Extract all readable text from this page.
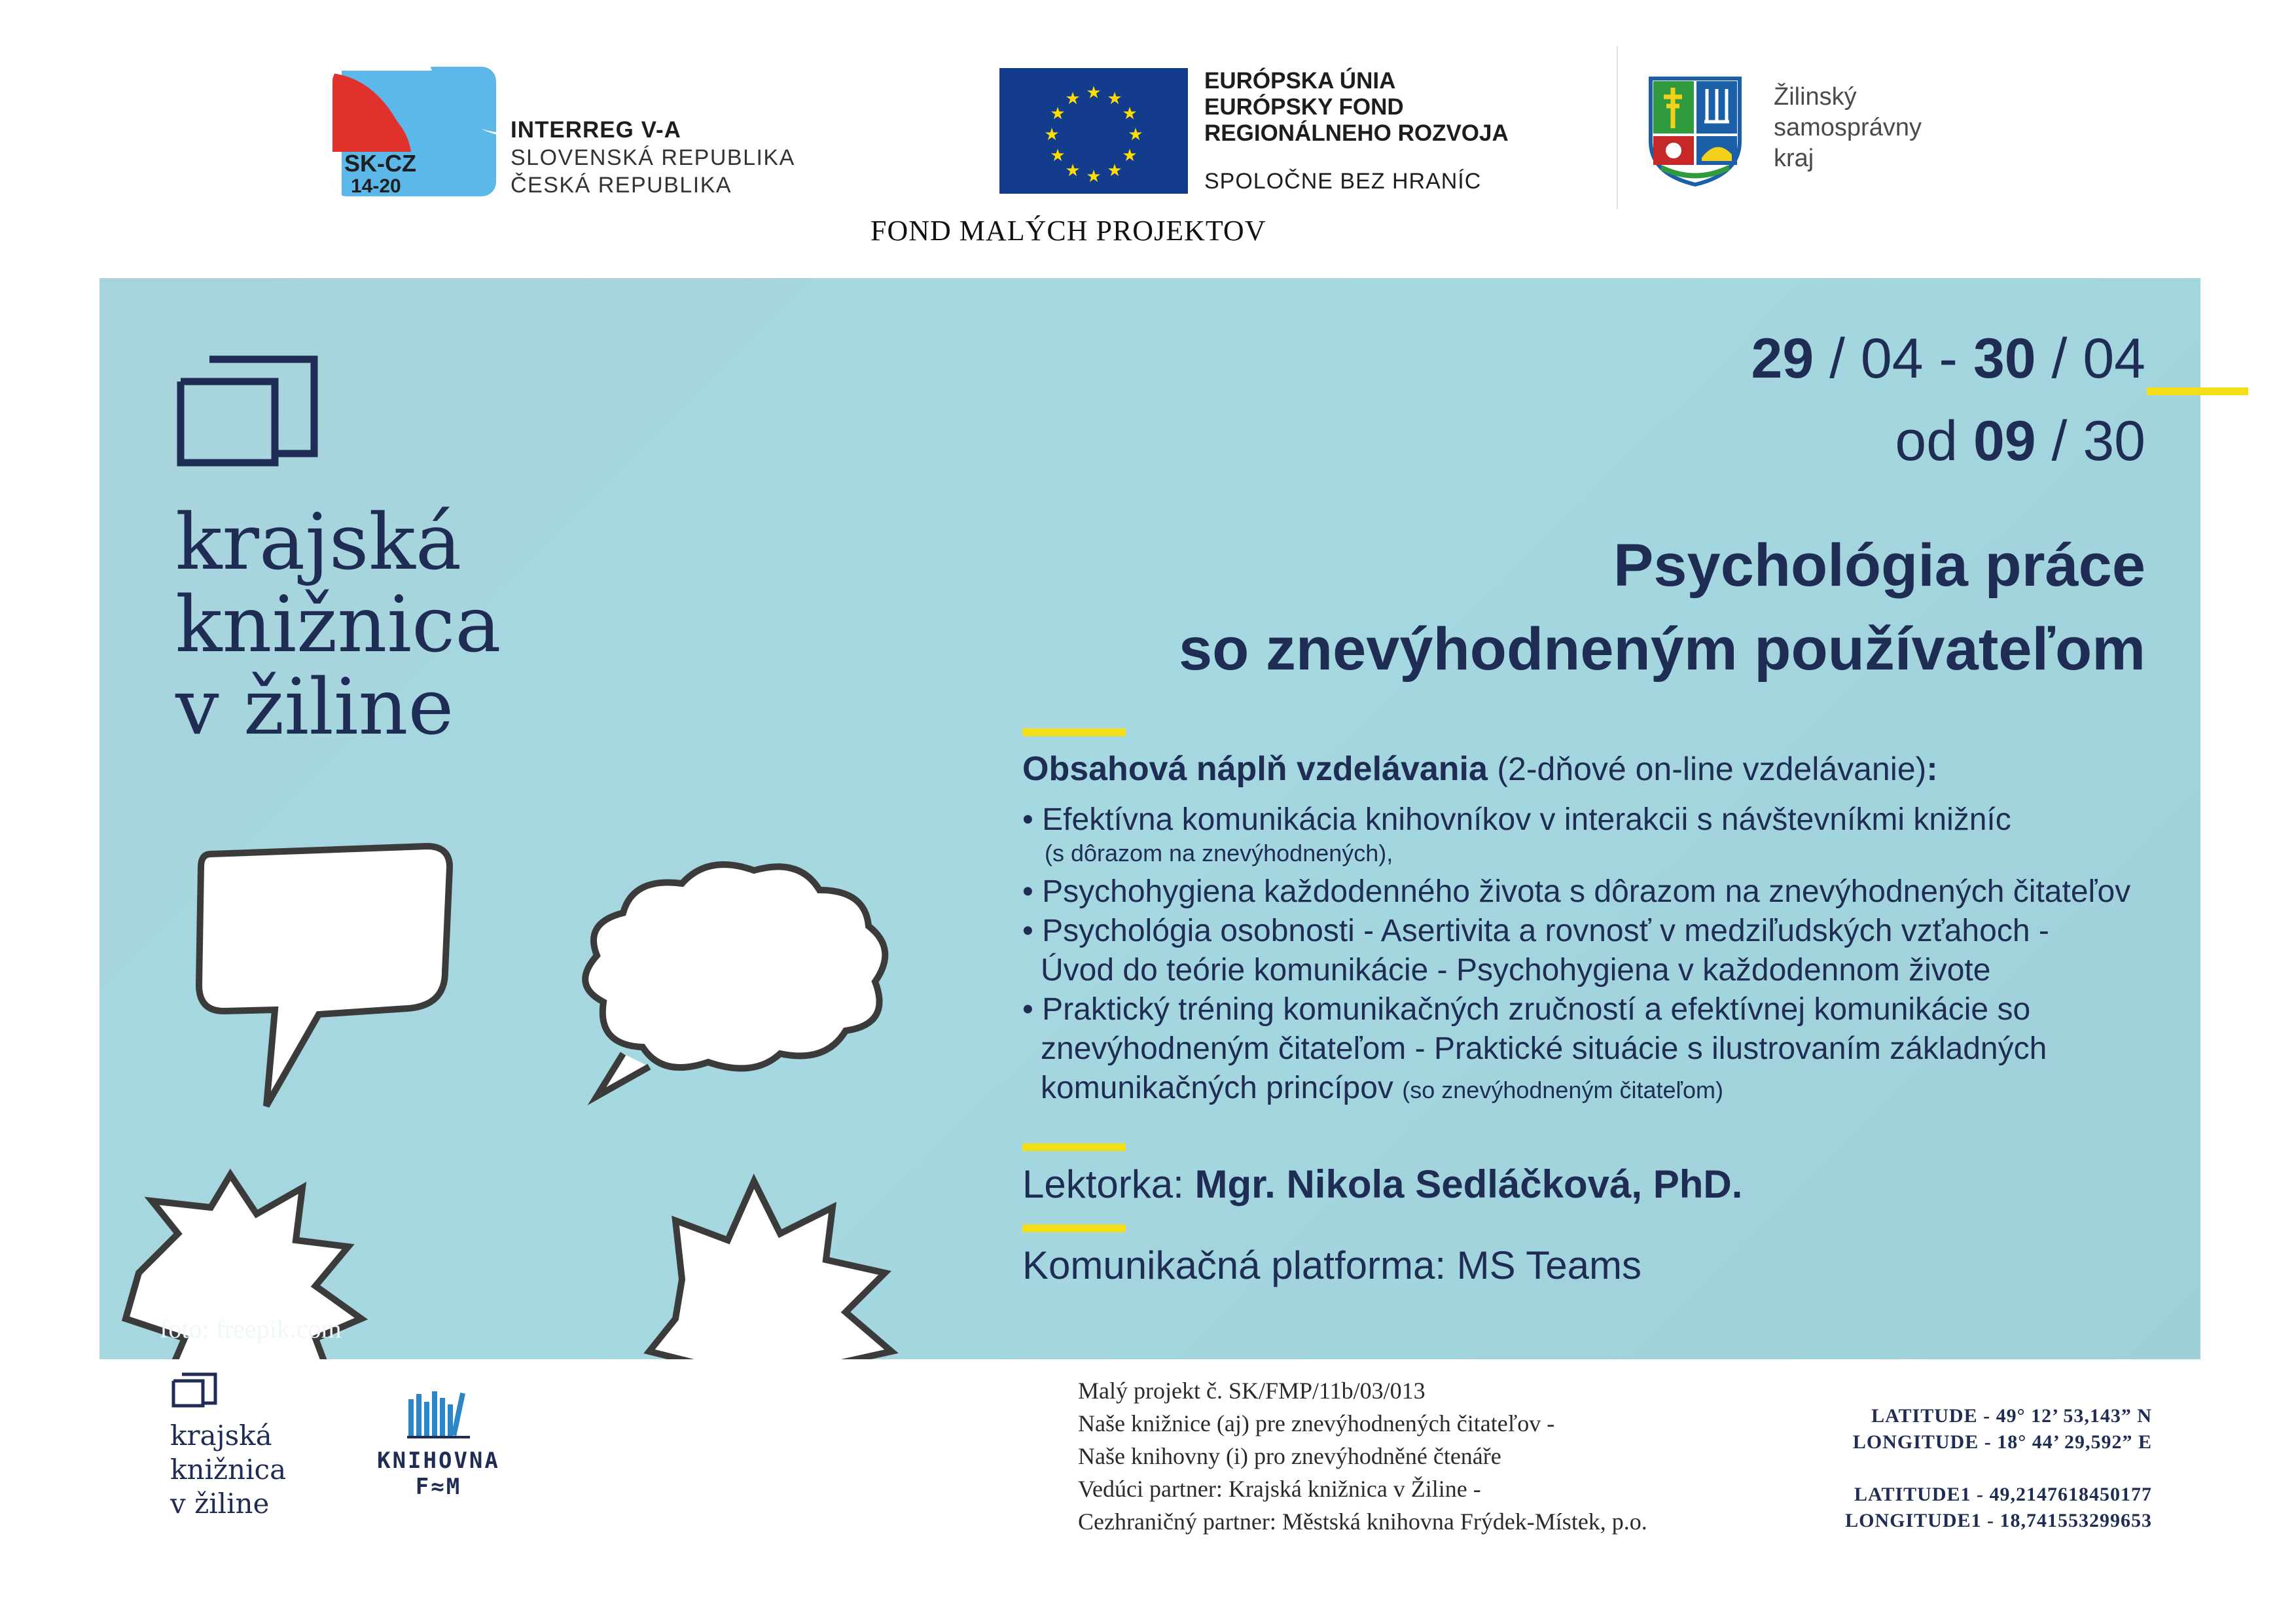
SK-CZ
14-20
INTERREG V-A
SLOVENSKÁ REPUBLIKA
ČESKÁ REPUBLIKA
★ ★
★
★
★
★
★
★
★
★
★
★
EURÓPSKA ÚNIA
EURÓPSKY FOND
REGIONÁLNEHO ROZVOJA
SPOLOČNE BEZ HRANÍC
Žilinský
samosprávny
kraj
FOND MALÝCH PROJEKTOV
krajská
knižnica
v žiline
29 / 04 - 30 / 04
od 09 / 30
Psychológia práce
so znevýhodneným používateľom
Obsahová náplň vzdelávania (2-dňové on-line vzdelávanie):
• Efektívna komunikácia knihovníkov v interakcii s návštevníkmi knižníc
(s dôrazom na znevýhodnených),
• Psychohygiena každodenného života s dôrazom na znevýhodnených čitateľov
• Psychológia osobnosti - Asertivita a rovnosť v medziľudských vzťahoch -
Úvod do teórie komunikácie - Psychohygiena v každodennom živote
• Praktický tréning komunikačných zručností a efektívnej komunikácie so
znevýhodneným čitateľom - Praktické situácie s ilustrovaním základných
komunikačných princípov (so znevýhodneným čitateľom)
Lektorka: Mgr. Nikola Sedláčková, PhD.
Komunikačná platforma: MS Teams
foto: freepik.com
krajská
knižnica
v žiline
KNIHOVNA
F≈M
Malý projekt č. SK/FMP/11b/03/013
Naše knižnice (aj) pre znevýhodnených čitateľov -
Naše knihovny (i) pro znevýhodněné čtenáře
Vedúci partner: Krajská knižnica v Žiline -
Cezhraničný partner: Městská knihovna Frýdek-Místek, p.o.
LATITUDE - 49° 12’ 53,143” N
LONGITUDE - 18° 44’ 29,592” E
LATITUDE1 - 49,2147618450177
LONGITUDE1 - 18,741553299653
